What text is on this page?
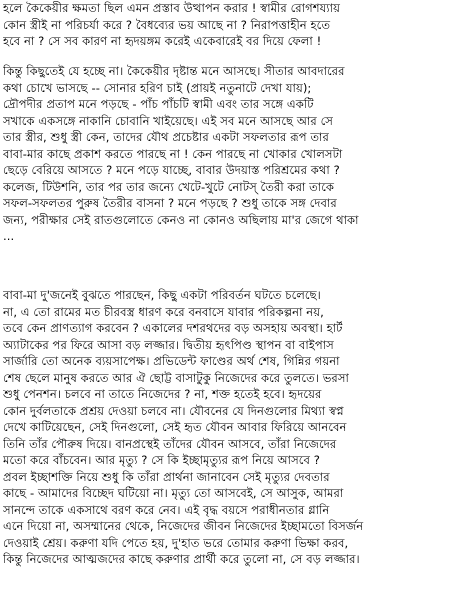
হলে কৈকেয়ীর ক্ষমতা ছিল এমন প্রস্তাব উত্থাপন করার ! স্বামীর রোগশয্যায়
কোন স্ত্রীই না পরিচর্যা করে ? বৈধব্যের ভয় আছে না ? নিরাপত্তাহীন হতে
হবে না ? সে সব কারণ না হৃদয়ঙ্গম করেই একেবারেই বর দিয়ে ফেলা !

কিন্তু কিছুতেই যে হচ্ছে না। কৈকেয়ীর দৃষ্টান্ত মনে আসছে। সীতার আবদারের
কথা চোখে ভাসছে -- সোনার হরিণ চাই (প্রায়ই নতুনাটে দেখা যায়);
দ্রৌপদীর প্রতাপ মনে পড়ছে - পাঁচ পাঁচটি স্বামী এবং তার সঙ্গে একটি
সখাকে একসঙ্গে নাকানি চোবানি খাইয়েছে। এই সব মনে আসছে আর সে
তার স্ত্রীর, শুধু স্ত্রী কেন, তাদের যৌথ প্রচেষ্টার একটা সফলতার রূপ তার
বাবা-মার কাছে প্রকাশ করতে পারছে না ! কেন পারছে না খোকার খোলসটা
ছেড়ে বেরিয়ে আসতে ? মনে পড়ে যাচ্ছে, বাবার উদয়াস্ত পরিশ্রমের কথা ?
কলেজ, টিউশনি, তার পর তার জন্যে খেটে-খুটে নোটস্ তৈরী করা তাকে
সফল-সফলতর পুরুষ তৈরীর বাসনা ? মনে পড়ছে ? শুধু তাকে সঙ্গ দেবার
জন্য, পরীক্ষার সেই রাতগুলোতে কেনও না কোনও অছিলায় মা'র জেগে থাকা
...

বাবা-মা দু'জনেই বুঝতে পারছেন, কিছু একটা পরিবর্তন ঘটতে চলেছে।
না, এ তো রামের মত চীরবস্ত্র ধারণ করে বনবাসে যাবার পরিকল্পনা নয়,
তবে কেন প্রাণত্যাগ করবেন ? একালের দশরথদের বড় অসহায় অবস্থা। হার্ট
অ্যাটাকের পর ফিরে আসা বড় লজ্জার। দ্বিতীয় হৃৎপিণ্ড স্থাপন বা বাইপাস
সার্জারি তো অনেক ব্যয়সাপেক্ষ। প্রভিডেন্ট ফাণ্ডের অর্থ শেষ, গিন্নির গয়না
শেষ ছেলে মানুষ করতে আর ঐ ছোট্ট বাসাটুকু নিজেদের করে তুলতে। ভরসা
শুধু পেনশন। চলবে না তাতে নিজেদের ? না, শক্ত হতেই হবে। হৃদয়ের
কোন দুর্বলতাকে প্রশ্রয় দেওয়া চলবে না। যৌবনের যে দিনগুলোর মিথ্যা স্বপ্ন
দেখে কাটিয়েছেন, সেই দিনগুলো, সেই হৃত যৌবন আবার ফিরিয়ে আনবেন
তিনি তাঁর পৌরুষ দিয়ে। বানপ্রস্থেই তাঁদের যৌবন আসবে, তাঁরা নিজেদের
মতো করে বাঁচবেন। আর মৃত্যু ? সে কি ইচ্ছামৃত্যুর রূপ নিয়ে আসবে ?
প্রবল ইচ্ছাশক্তি নিয়ে শুধু কি তাঁরা প্রার্থনা জানাবেন সেই মৃত্যুর দেবতার
কাছে - আমাদের বিচ্ছেদ ঘটিয়ো না। মৃত্যু তো আসবেই, সে আসুক, আমরা
সানন্দে তাকে একসাথে বরণ করে নেব। এই বৃদ্ধ বয়সে পরাধীনতার গ্লানি
এনে দিয়ো না, অসম্মানের থেকে, নিজেদের জীবন নিজেদের ইচ্ছামতো বিসর্জন
দেওয়াই শ্রেয়। করুণা যদি পেতে হয়, দু'হাত ভরে তোমার করুণা ভিক্ষা করব,
কিন্তু নিজেদের আত্মজদের কাছে করুণার প্রার্থী করে তুলো না, সে বড় লজ্জার।
